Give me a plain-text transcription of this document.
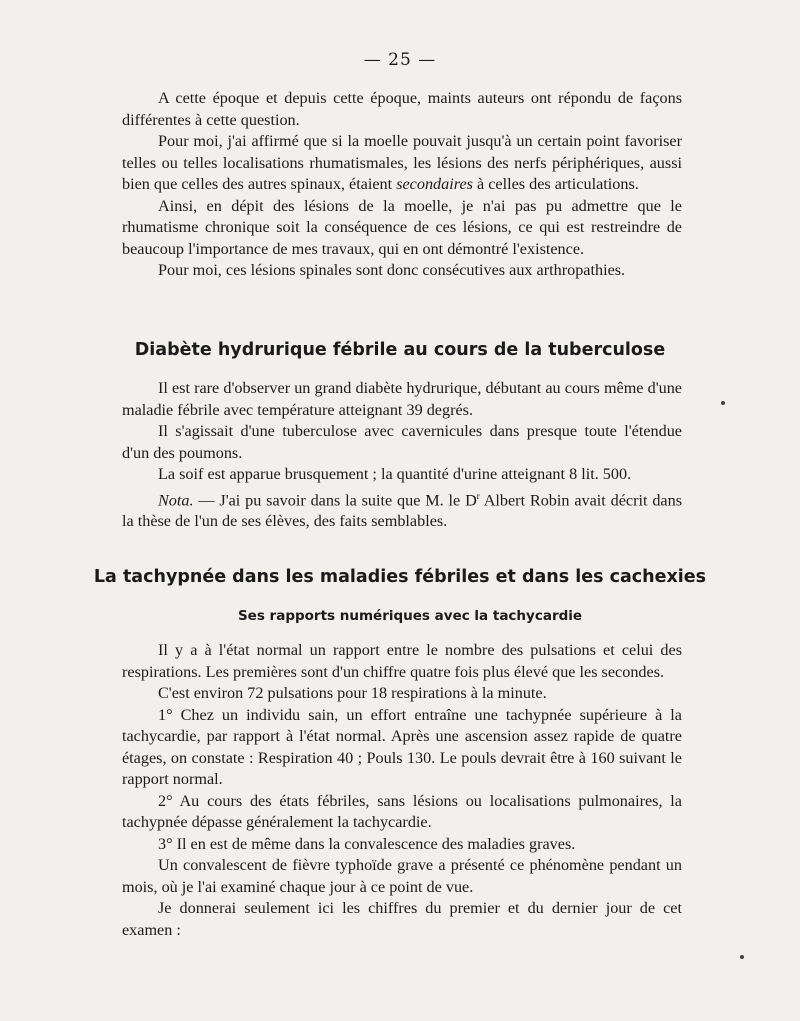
— 25 —

A cette époque et depuis cette époque, maints auteurs ont répondu de façons différentes à cette question.

Pour moi, j'ai affirmé que si la moelle pouvait jusqu'à un certain point favoriser telles ou telles localisations rhumatismales, les lésions des nerfs périphériques, aussi bien que celles des autres spinaux, étaient secondaires à celles des articulations.

Ainsi, en dépit des lésions de la moelle, je n'ai pas pu admettre que le rhumatisme chronique soit la conséquence de ces lésions, ce qui est restreindre de beaucoup l'importance de mes travaux, qui en ont démontré l'existence.

Pour moi, ces lésions spinales sont donc consécutives aux arthropathies.

Diabète hydrurique fébrile au cours de la tuberculose

Il est rare d'observer un grand diabète hydrurique, débutant au cours même d'une maladie fébrile avec température atteignant 39 degrés.

Il s'agissait d'une tuberculose avec cavernicules dans presque toute l'étendue d'un des poumons.

La soif est apparue brusquement ; la quantité d'urine atteignant 8 lit. 500.

Nota. — J'ai pu savoir dans la suite que M. le $D^r$ Albert Robin avait décrit dans la thèse de l'un de ses élèves, des faits semblables.

La tachypnée dans les maladies fébriles et dans les cachexies
Ses rapports numériques avec la tachycardie

Il y a à l'état normal un rapport entre le nombre des pulsations et celui des respirations. Les premières sont d'un chiffre quatre fois plus élevé que les secondes.

C'est environ 72 pulsations pour 18 respirations à la minute.

1° Chez un individu sain, un effort entraîne une tachypnée supérieure à la tachycardie, par rapport à l'état normal. Après une ascension assez rapide de quatre étages, on constate : Respiration 40 ; Pouls 130. Le pouls devrait être à 160 suivant le rapport normal.

2° Au cours des états fébriles, sans lésions ou localisations pulmonaires, la tachypnée dépasse généralement la tachycardie.

3° Il en est de même dans la convalescence des maladies graves.

Un convalescent de fièvre typhoïde grave a présenté ce phénomène pendant un mois, où je l'ai examiné chaque jour à ce point de vue.

Je donnerai seulement ici les chiffres du premier et du dernier jour de cet examen :
